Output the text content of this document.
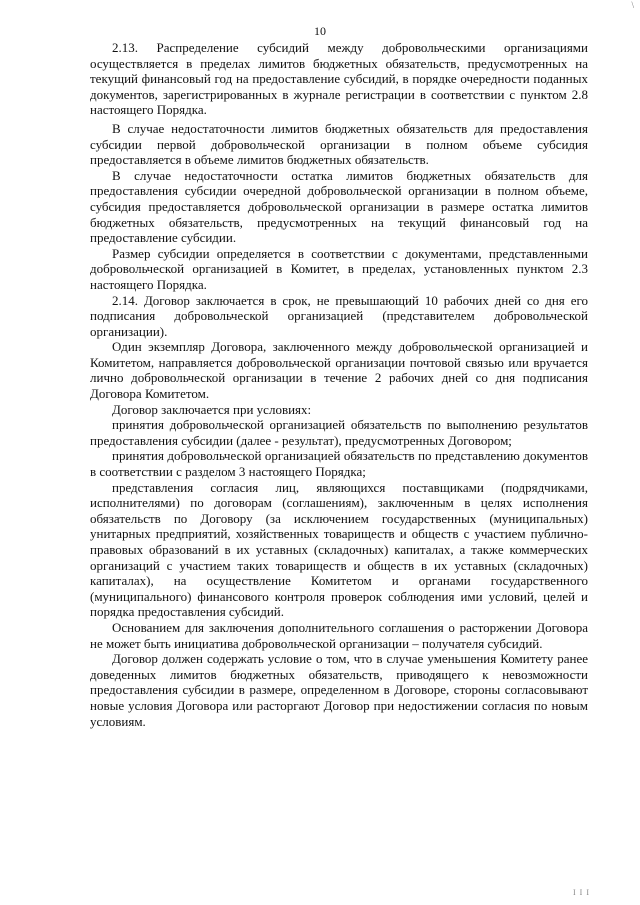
\
10

2.13. Распределение субсидий между добровольческими организациями осуществляется в пределах лимитов бюджетных обязательств, предусмотренных на текущий финансовый год на предоставление субсидий, в порядке очередности поданных документов, зарегистрированных в журнале регистрации в соответствии с пунктом 2.8 настоящего Порядка.

В случае недостаточности лимитов бюджетных обязательств для предоставления субсидии первой добровольческой организации в полном объеме субсидия предоставляется в объеме лимитов бюджетных обязательств.

В случае недостаточности остатка лимитов бюджетных обязательств для предоставления субсидии очередной добровольческой организации в полном объеме, субсидия предоставляется добровольческой организации в размере остатка лимитов бюджетных обязательств, предусмотренных на текущий финансовый год на предоставление субсидии.

Размер субсидии определяется в соответствии с документами, представленными добровольческой организацией в Комитет, в пределах, установленных пунктом 2.3 настоящего Порядка.

2.14. Договор заключается в срок, не превышающий 10 рабочих дней со дня его подписания добровольческой организацией (представителем добровольческой организации).

Один экземпляр Договора, заключенного между добровольческой организацией и Комитетом, направляется добровольческой организации почтовой связью или вручается лично добровольческой организации в течение 2 рабочих дней со дня подписания Договора Комитетом.

Договор заключается при условиях:

принятия добровольческой организацией обязательств по выполнению результатов предоставления субсидии (далее - результат), предусмотренных Договором;

принятия добровольческой организацией обязательств по представлению документов в соответствии с разделом 3 настоящего Порядка;

представления согласия лиц, являющихся поставщиками (подрядчиками, исполнителями) по договорам (соглашениям), заключенным в целях исполнения обязательств по Договору (за исключением государственных (муниципальных) унитарных предприятий, хозяйственных товариществ и обществ с участием публично-правовых образований в их уставных (складочных) капиталах, а также коммерческих организаций с участием таких товариществ и обществ в их уставных (складочных) капиталах), на осуществление Комитетом и органами государственного (муниципального) финансового контроля проверок соблюдения ими условий, целей и порядка предоставления субсидий.

Основанием для заключения дополнительного соглашения о расторжении Договора не может быть инициатива добровольческой организации – получателя субсидий.

Договор должен содержать условие о том, что в случае уменьшения Комитету ранее доведенных лимитов бюджетных обязательств, приводящего к невозможности предоставления субсидии в размере, определенном в Договоре, стороны согласовывают новые условия Договора или расторгают Договор при недостижении согласия по новым условиям.

I I I
